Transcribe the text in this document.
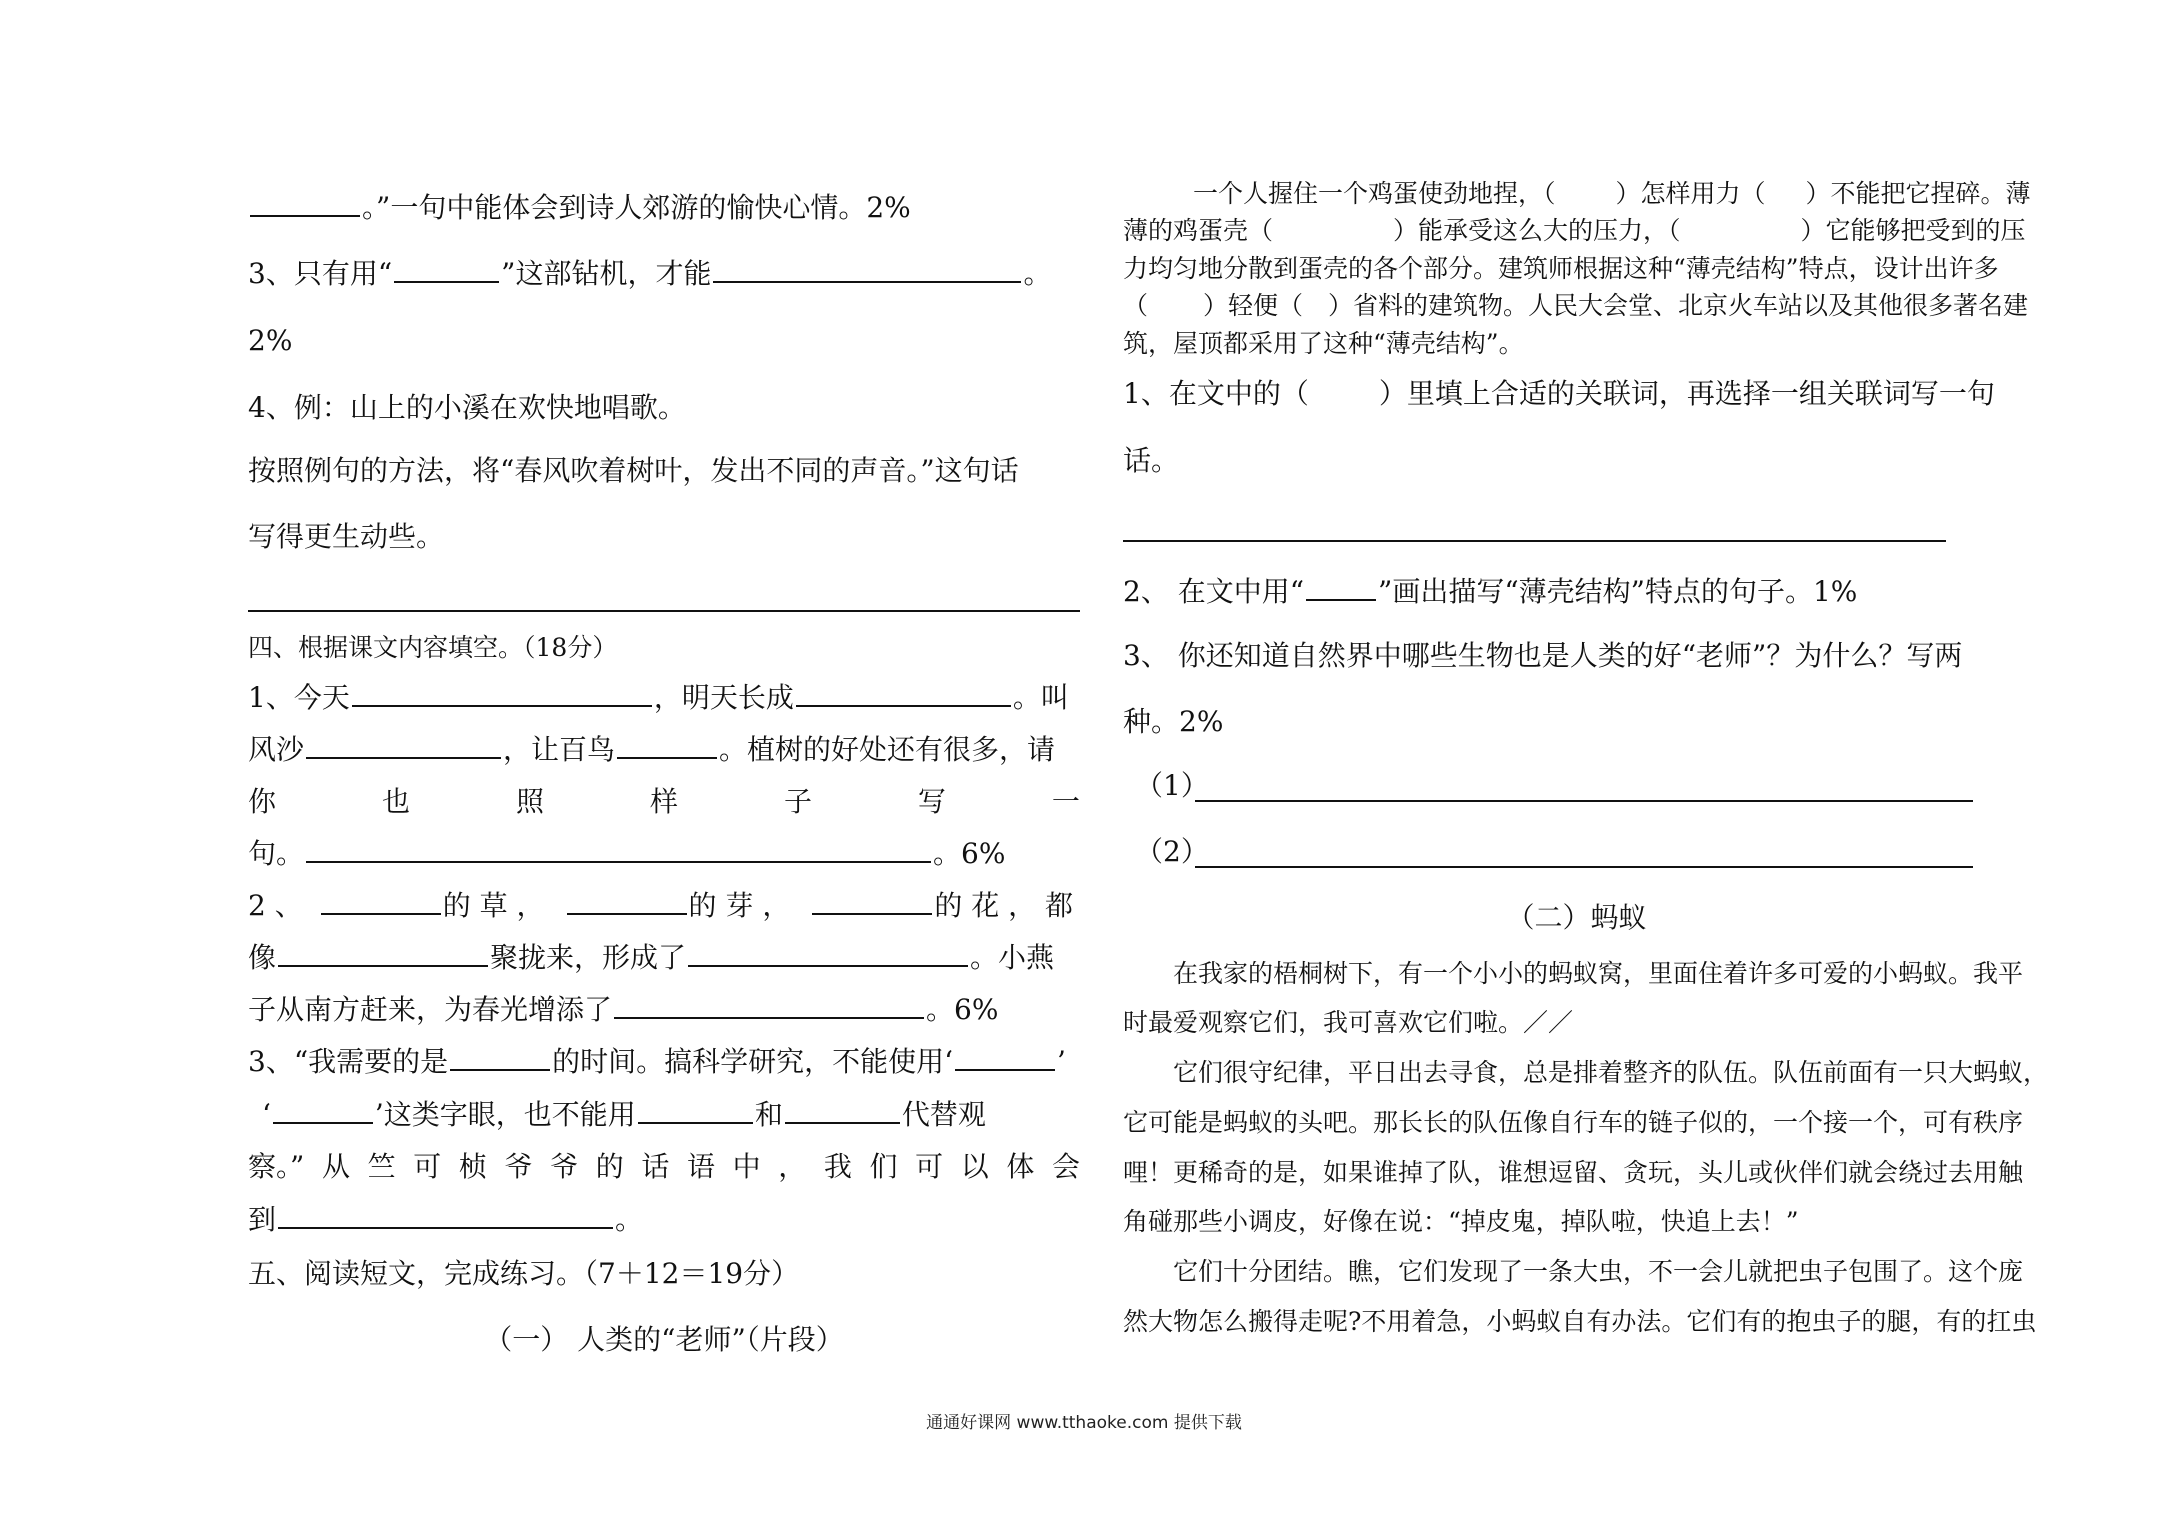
。”一句中能体会到诗人郊游的愉快心情。2%
3、只有用“	”这部钻机，才能	。
2%
4、例：山上的小溪在欢快地唱歌。
按照例句的方法，将“春风吹着树叶，发出不同的声音。”这句话
写得更生动些。
四、根据课文内容填空。（18分）
1、今天	，明天长成	。叫
风沙	，让百鸟	。植树的好处还有很多，请
你	也	照	样	子	写	一
句。	。6%
2 、	的 草 ，	的 芽 ，	的 花 ， 都
像	聚拢来，形成了	。小燕
子从南方赶来，为春光增添了	。6%
3、“我需要的是	的时间。搞科学研究，不能使用‘	’
‘	’这类字眼，也不能用	和	代替观
察。” 从 竺 可 桢 爷 爷 的 话 语 中 ， 我 们 可 以 体 会
到	。
五、阅读短文，完成练习。（7＋12＝19分）
（一） 人类的“老师”（片段）
一个人握住一个鸡蛋使劲地捏，（ ）怎样用力（ ）不能把它捏碎。薄
薄的鸡蛋壳（	）能承受这么大的压力，（	）它能够把受到的压
力均匀地分散到蛋壳的各个部分。建筑师根据这种“薄壳结构”特点，设计出许多
（ ）轻便（ ）省料的建筑物。人民大会堂、北京火车站以及其他很多著名建
筑，屋顶都采用了这种“薄壳结构”。
1、在文中的（	）里填上合适的关联词，再选择一组关联词写一句
话。
2、 在文中用“	”画出描写“薄壳结构”特点的句子。1%
3、 你还知道自然界中哪些生物也是人类的好“老师”？为什么？写两
种。2%
（1）
（2）
（二）蚂蚁
在我家的梧桐树下，有一个小小的蚂蚁窝，里面住着许多可爱的小蚂蚁。我平
时最爱观察它们，我可喜欢它们啦。／／
它们很守纪律，平日出去寻食，总是排着整齐的队伍。队伍前面有一只大蚂蚁，
它可能是蚂蚁的头吧。那长长的队伍像自行车的链子似的，一个接一个，可有秩序
哩！更稀奇的是，如果谁掉了队，谁想逗留、贪玩，头儿或伙伴们就会绕过去用触
角碰那些小调皮，好像在说：“掉皮鬼，掉队啦，快追上去！”
它们十分团结。瞧，它们发现了一条大虫，不一会儿就把虫子包围了。这个庞
然大物怎么搬得走呢?不用着急，小蚂蚁自有办法。它们有的抱虫子的腿，有的扛虫
通通好课网 www.tthaoke.com 提供下载
